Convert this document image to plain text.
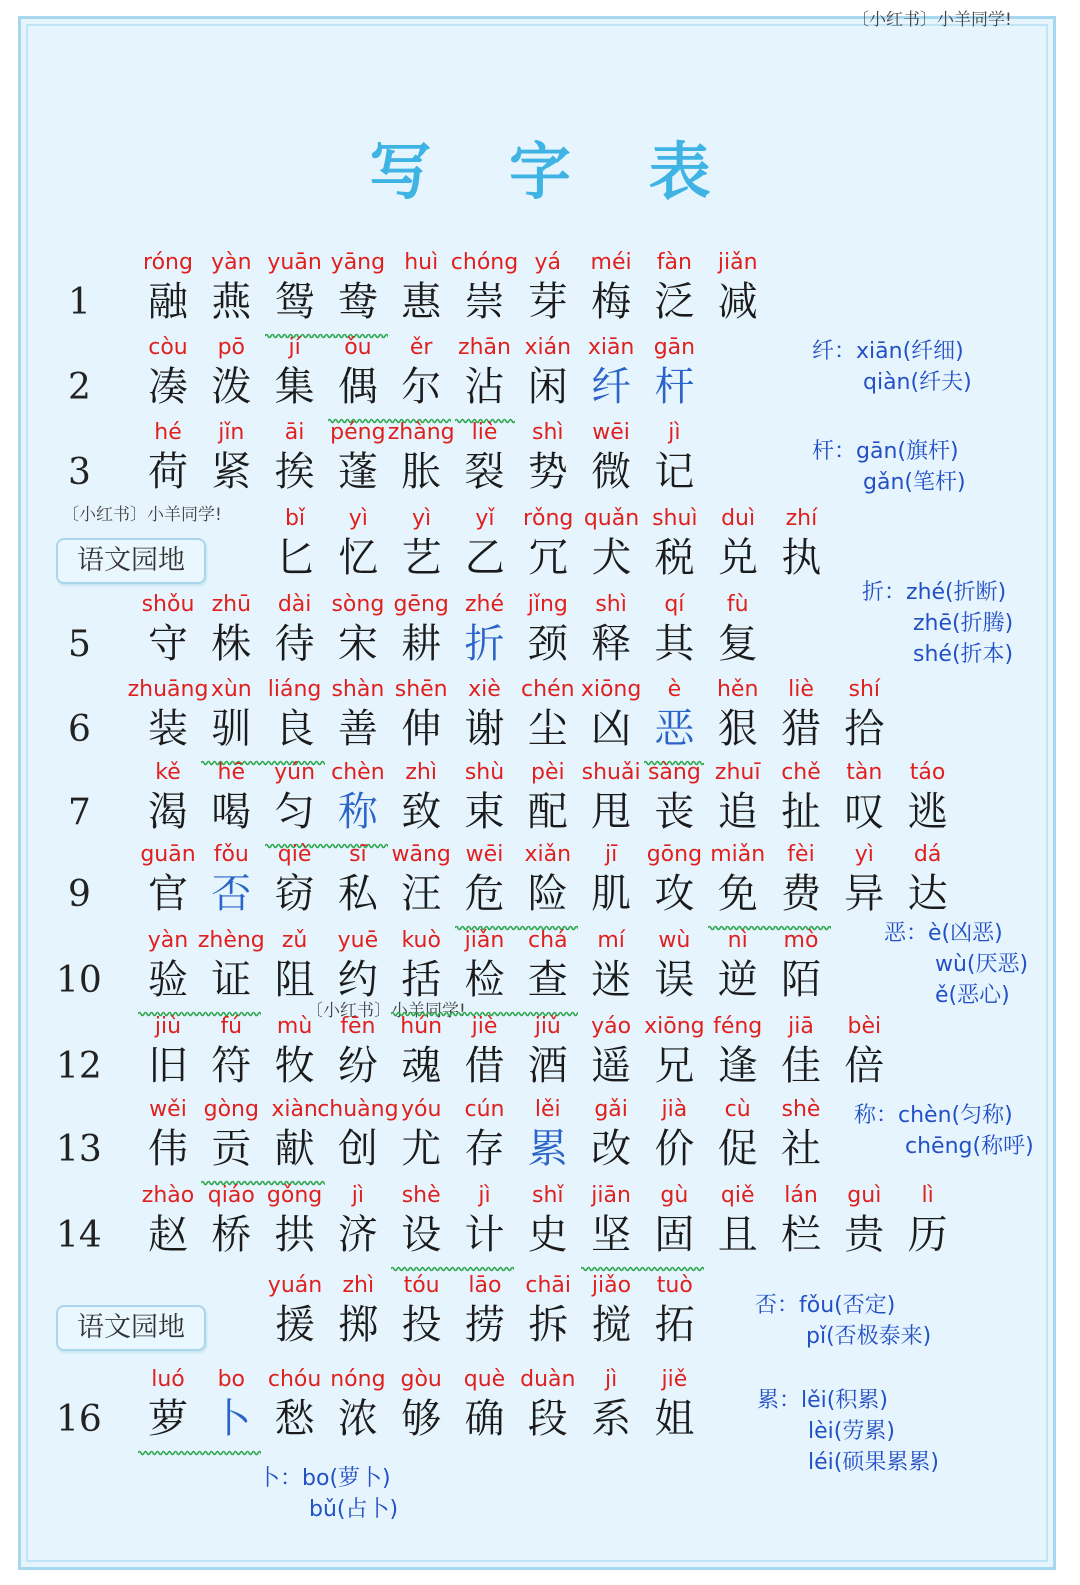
〔小红书〕小羊同学!
〔小红书〕小羊同学!
〔小红书〕小羊同学!
写 字 表
1
róng
融
yàn
燕
yuān
鸳
yāng
鸯
huì
惠
chóng
崇
yá
芽
méi
梅
fàn
泛
jiǎn
减
2
còu
凑
pō
泼
jí
集
ǒu
偶
ěr
尔
zhān
沾
xián
闲
xiān
纤
gān
杆
3
hé
荷
jǐn
紧
āi
挨
péng
蓬
zhàng
胀
liè
裂
shì
势
wēi
微
jì
记
语文园地
bǐ
匕
yì
忆
yì
艺
yǐ
乙
rǒng
冗
quǎn
犬
shuì
税
duì
兑
zhí
执
5
shǒu
守
zhū
株
dài
待
sòng
宋
gēng
耕
zhé
折
jǐng
颈
shì
释
qí
其
fù
复
6
zhuāng
装
xùn
驯
liáng
良
shàn
善
shēn
伸
xiè
谢
chén
尘
xiōng
凶
è
恶
hěn
狠
liè
猎
shí
拾
7
kě
渴
hē
喝
yún
匀
chèn
称
zhì
致
shù
束
pèi
配
shuǎi
甩
sàng
丧
zhuī
追
chě
扯
tàn
叹
táo
逃
9
guān
官
fǒu
否
qiè
窃
sī
私
wāng
汪
wēi
危
xiǎn
险
jī
肌
gōng
攻
miǎn
免
fèi
费
yì
异
dá
达
10
yàn
验
zhèng
证
zǔ
阻
yuē
约
kuò
括
jiǎn
检
chá
查
mí
迷
wù
误
nì
逆
mò
陌
12
jiù
旧
fú
符
mù
牧
fēn
纷
hún
魂
jiè
借
jiǔ
酒
yáo
遥
xiōng
兄
féng
逢
jiā
佳
bèi
倍
13
wěi
伟
gòng
贡
xiàn
献
chuàng
创
yóu
尤
cún
存
lěi
累
gǎi
改
jià
价
cù
促
shè
社
14
zhào
赵
qiáo
桥
gǒng
拱
jì
济
shè
设
jì
计
shǐ
史
jiān
坚
gù
固
qiě
且
lán
栏
guì
贵
lì
历
语文园地
yuán
援
zhì
掷
tóu
投
lāo
捞
chāi
拆
jiǎo
搅
tuò
拓
16
luó
萝
bo
卜
chóu
愁
nóng
浓
gòu
够
què
确
duàn
段
jì
系
jiě
姐
纤：xiān(纤细)
qiàn(纤夫)
杆：gān(旗杆)
gǎn(笔杆)
折：zhé(折断)
zhē(折腾)
shé(折本)
恶：è(凶恶)
wù(厌恶)
ě(恶心)
称：chèn(匀称)
chēng(称呼)
否：fǒu(否定)
pǐ(否极泰来)
累：lěi(积累)
lèi(劳累)
léi(硕果累累)
卜：bo(萝卜)
bǔ(占卜)
